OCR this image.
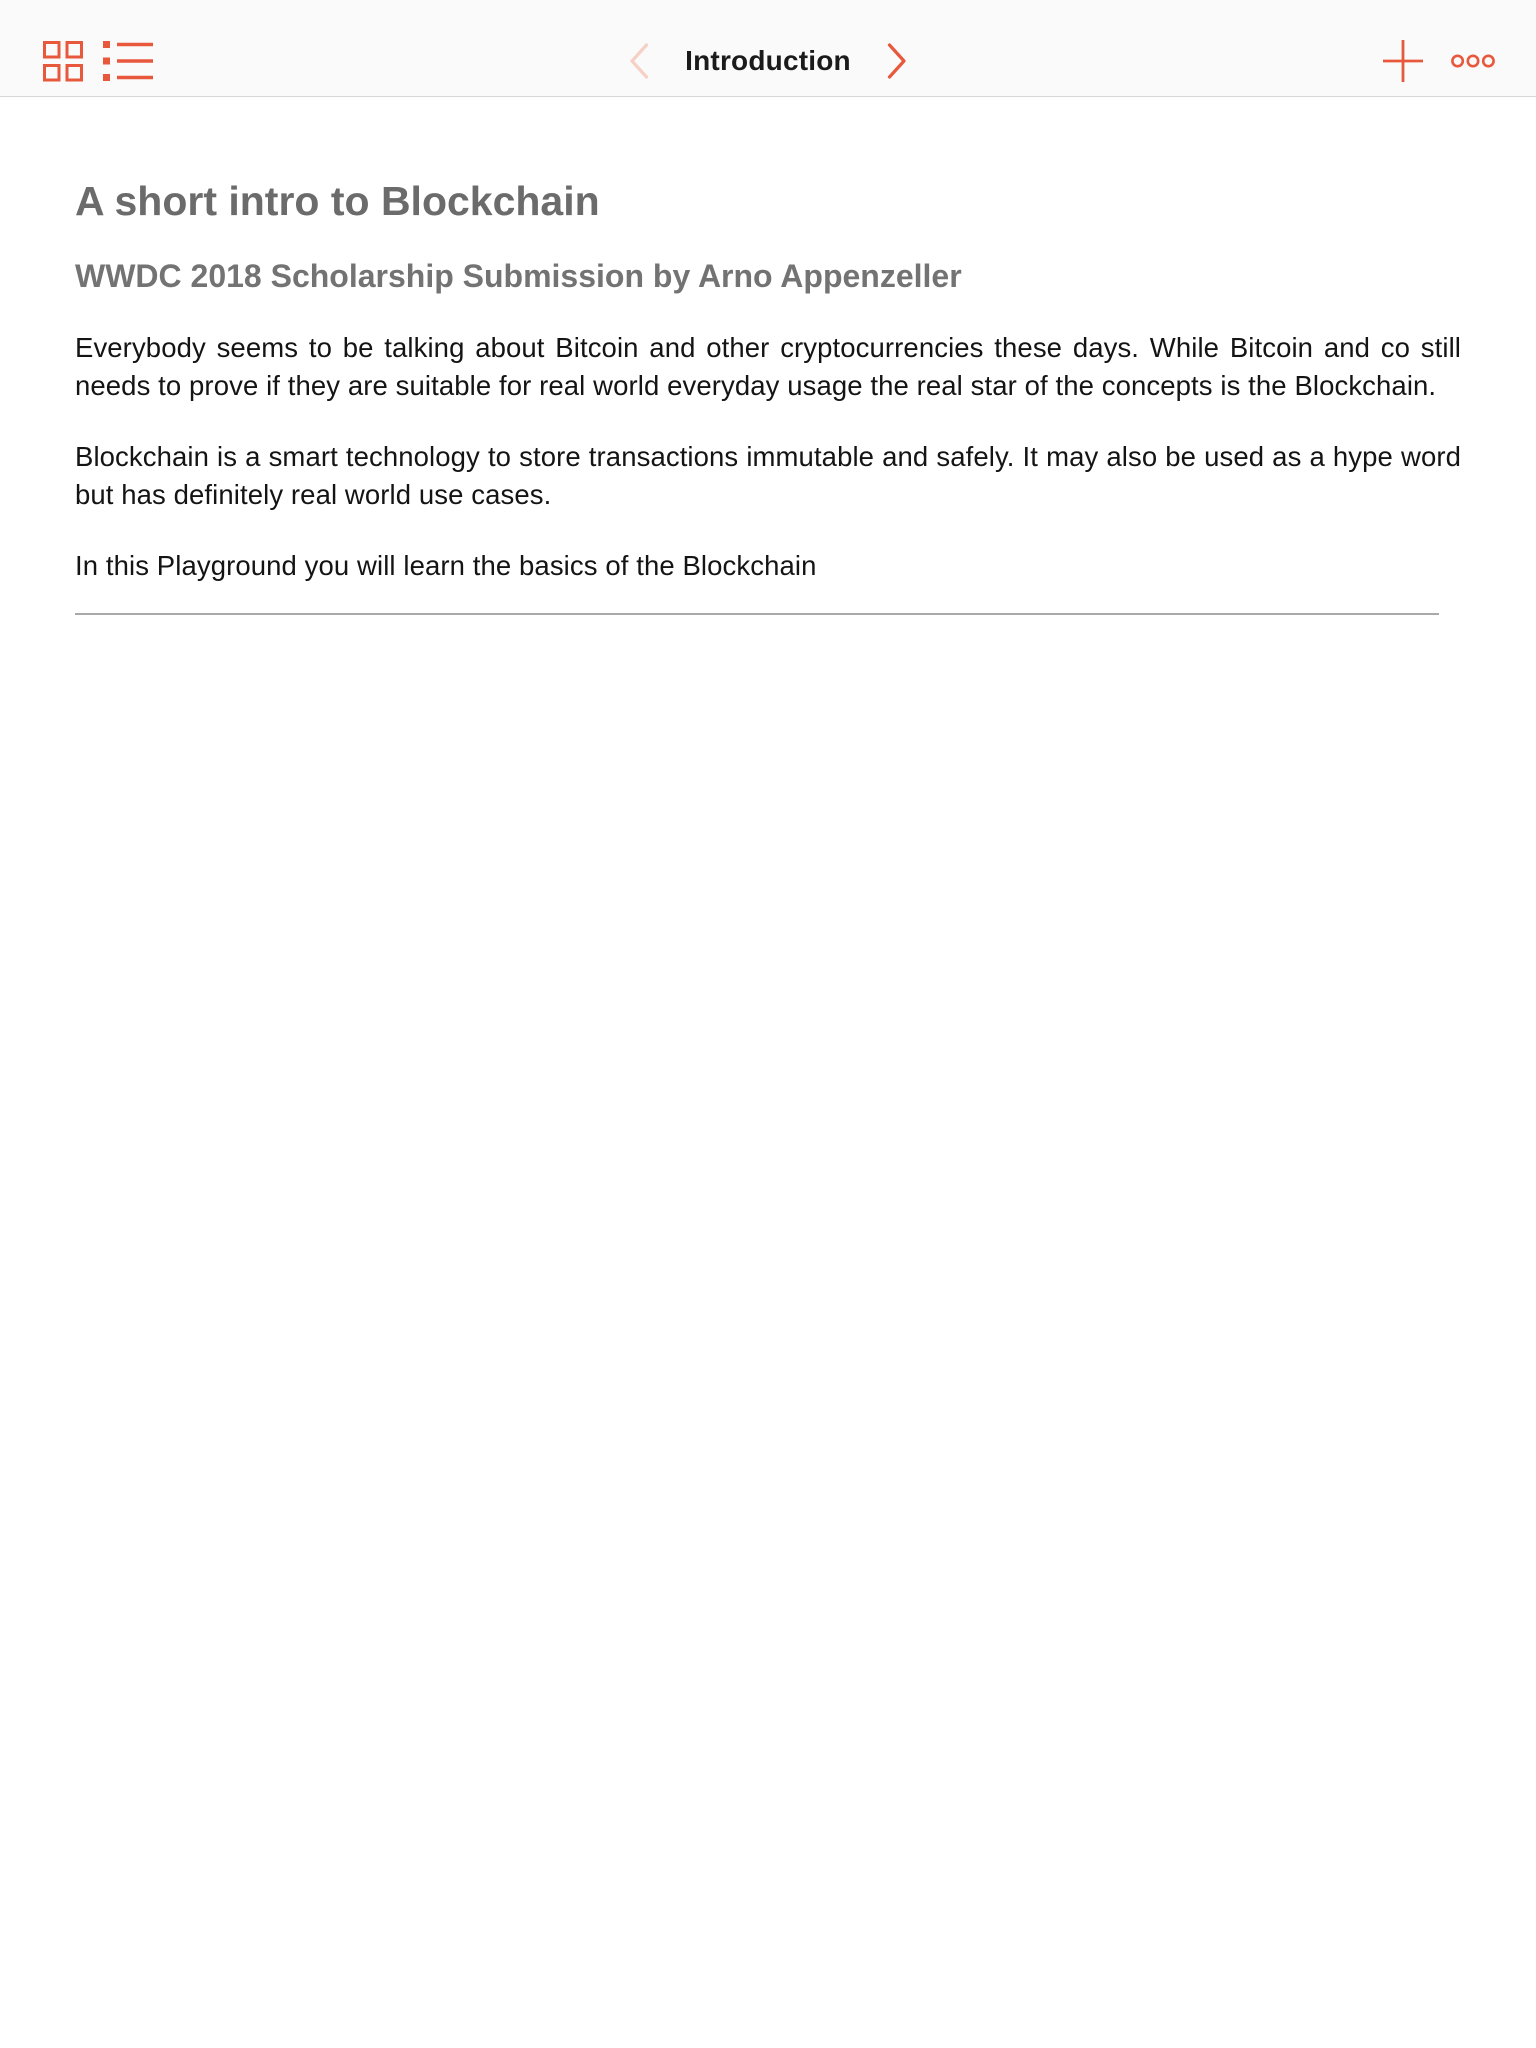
Introduction
A short intro to Blockchain
WWDC 2018 Scholarship Submission by Arno Appenzeller

Everybody seems to be talking about Bitcoin and other cryptocurrencies these days. While Bitcoin and co still needs to prove if they are suitable for real world everyday usage the real star of the concepts is the Blockchain.

Blockchain is a smart technology to store transactions immutable and safely. It may also be used as a hype word but has definitely real world use cases.

In this Playground you will learn the basics of the Blockchain
